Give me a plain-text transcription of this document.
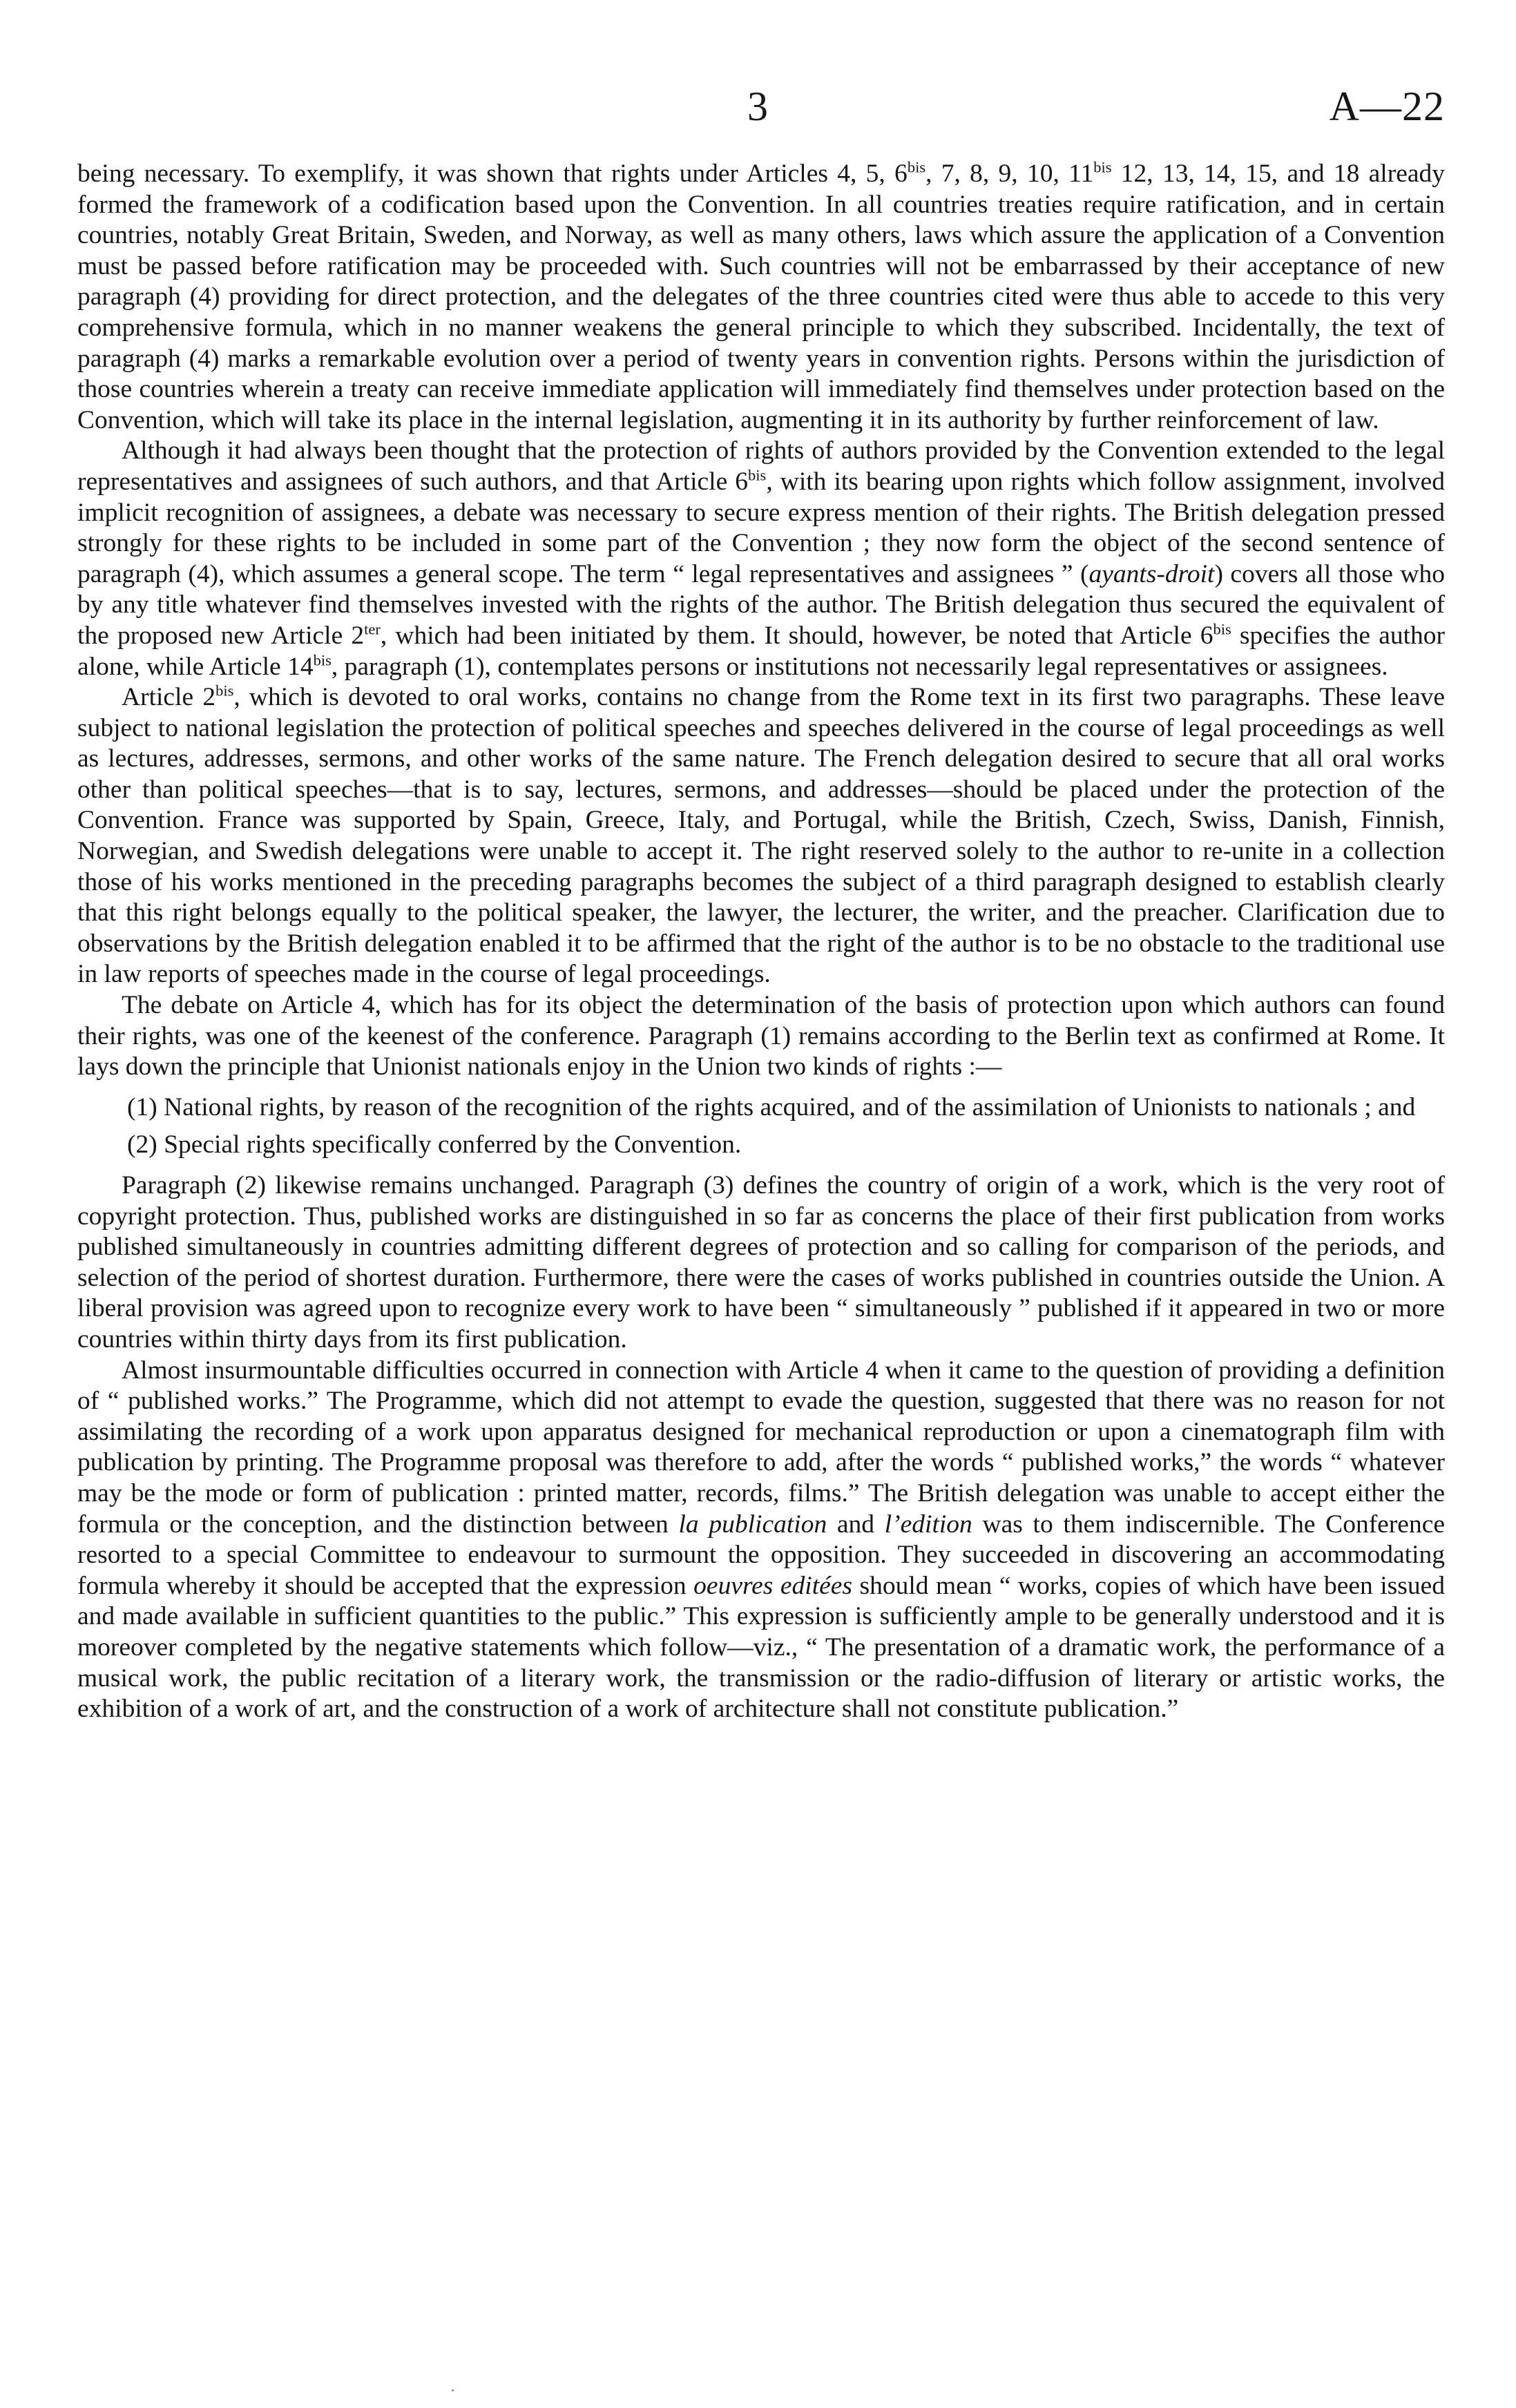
3	A—22

being necessary. To exemplify, it was shown that rights under Articles 4, 5, $6^{bis}$, 7, 8, 9, 10, $11^{bis}$ 12, 13, 14, 15, and 18 already formed the framework of a codification based upon the Convention. In all countries treaties require ratification, and in certain countries, notably Great Britain, Sweden, and Norway, as well as many others, laws which assure the application of a Convention must be passed before ratification may be proceeded with. Such countries will not be embarrassed by their acceptance of new paragraph (4) providing for direct protection, and the delegates of the three countries cited were thus able to accede to this very comprehensive formula, which in no manner weakens the general principle to which they subscribed. Incidentally, the text of paragraph (4) marks a remarkable evolution over a period of twenty years in convention rights. Persons within the jurisdiction of those countries wherein a treaty can receive immediate application will immediately find themselves under protection based on the Convention, which will take its place in the internal legislation, augmenting it in its authority by further reinforcement of law.

Although it had always been thought that the protection of rights of authors provided by the Convention extended to the legal representatives and assignees of such authors, and that Article $6^{bis}$, with its bearing upon rights which follow assignment, involved implicit recognition of assignees, a debate was necessary to secure express mention of their rights. The British delegation pressed strongly for these rights to be included in some part of the Convention ; they now form the object of the second sentence of paragraph (4), which assumes a general scope. The term “ legal representatives and assignees ” (ayants-droit) covers all those who by any title whatever find themselves invested with the rights of the author. The British delegation thus secured the equivalent of the proposed new Article $2^{ter}$, which had been initiated by them. It should, however, be noted that Article $6^{bis}$ specifies the author alone, while Article $14^{bis}$, paragraph (1), contemplates persons or institutions not necessarily legal representatives or assignees.

Article $2^{bis}$, which is devoted to oral works, contains no change from the Rome text in its first two paragraphs. These leave subject to national legislation the protection of political speeches and speeches delivered in the course of legal proceedings as well as lectures, addresses, sermons, and other works of the same nature. The French delegation desired to secure that all oral works other than political speeches—that is to say, lectures, sermons, and addresses—should be placed under the protection of the Convention. France was supported by Spain, Greece, Italy, and Portugal, while the British, Czech, Swiss, Danish, Finnish, Norwegian, and Swedish delegations were unable to accept it. The right reserved solely to the author to re-unite in a collection those of his works mentioned in the preceding paragraphs becomes the subject of a third paragraph designed to establish clearly that this right belongs equally to the political speaker, the lawyer, the lecturer, the writer, and the preacher. Clarification due to observations by the British delegation enabled it to be affirmed that the right of the author is to be no obstacle to the traditional use in law reports of speeches made in the course of legal proceedings.

The debate on Article 4, which has for its object the determination of the basis of protection upon which authors can found their rights, was one of the keenest of the conference. Paragraph (1) remains according to the Berlin text as confirmed at Rome. It lays down the principle that Unionist nationals enjoy in the Union two kinds of rights :—

(1) National rights, by reason of the recognition of the rights acquired, and of the assimilation of Unionists to nationals ; and

(2) Special rights specifically conferred by the Convention.

Paragraph (2) likewise remains unchanged. Paragraph (3) defines the country of origin of a work, which is the very root of copyright protection. Thus, published works are distinguished in so far as concerns the place of their first publication from works published simultaneously in countries admitting different degrees of protection and so calling for comparison of the periods, and selection of the period of shortest duration. Furthermore, there were the cases of works published in countries outside the Union. A liberal provision was agreed upon to recognize every work to have been “ simultaneously ” published if it appeared in two or more countries within thirty days from its first publication.

Almost insurmountable difficulties occurred in connection with Article 4 when it came to the question of providing a definition of “ published works.” The Programme, which did not attempt to evade the question, suggested that there was no reason for not assimilating the recording of a work upon apparatus designed for mechanical reproduction or upon a cinematograph film with publication by printing. The Programme proposal was therefore to add, after the words “ published works,” the words “ whatever may be the mode or form of publication : printed matter, records, films.” The British delegation was unable to accept either the formula or the conception, and the distinction between la publication and l’edition was to them indiscernible. The Conference resorted to a special Committee to endeavour to surmount the opposition. They succeeded in discovering an accommodating formula whereby it should be accepted that the expression oeuvres editées should mean “ works, copies of which have been issued and made available in sufficient quantities to the public.” This expression is sufficiently ample to be generally understood and it is moreover completed by the negative statements which follow—viz., “ The presentation of a dramatic work, the performance of a musical work, the public recitation of a literary work, the transmission or the radio-diffusion of literary or artistic works, the exhibition of a work of art, and the construction of a work of architecture shall not constitute publication.”
